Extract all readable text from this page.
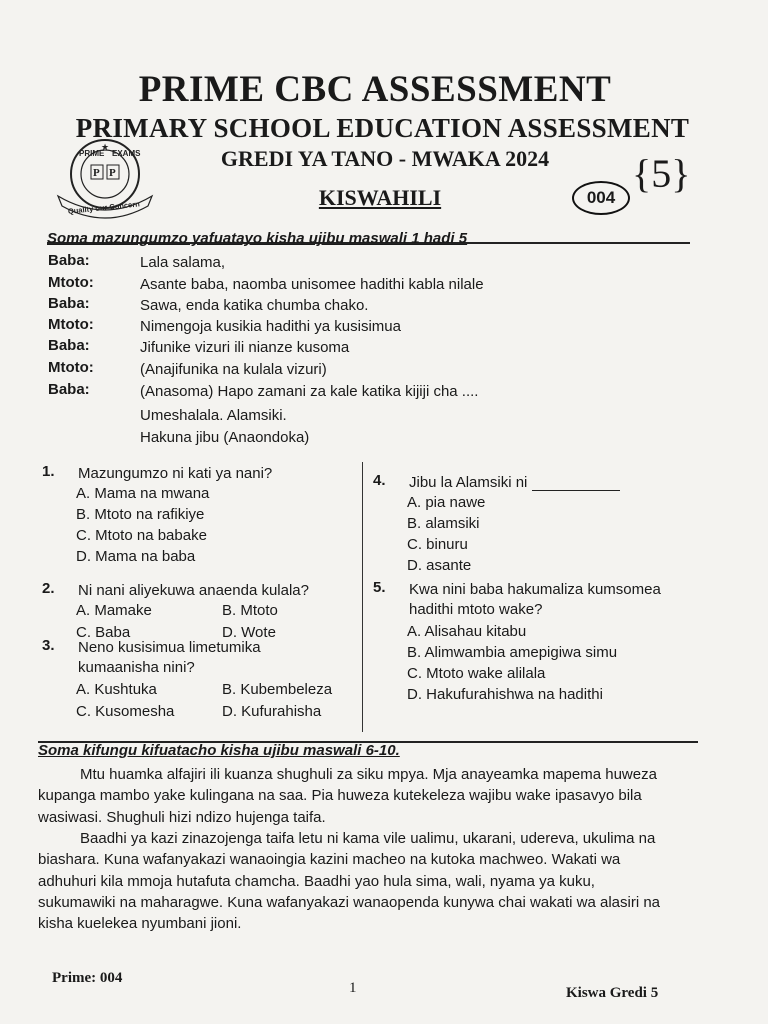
PRIME CBC ASSESSMENT
PRIMARY SCHOOL EDUCATION ASSESSMENT
GREDI YA TANO - MWAKA 2024
KISWAHILI	004
{5}
PRIME EXAMS
★
P P
Quality our Concern
Soma mazungumzo yafuatayo kisha ujibu maswali 1 hadi 5
Baba:	Lala salama,
Mtoto:	Asante baba, naomba unisomee hadithi kabla nilale
Baba:	Sawa, enda katika chumba chako.
Mtoto:	Nimengoja kusikia hadithi ya kusisimua
Baba:	Jifunike vizuri ili nianze kusoma
Mtoto:	(Anajifunika na kulala vizuri)
Baba:	(Anasoma) Hapo zamani za kale katika kijiji cha ....
Umeshalala. Alamsiki.
Hakuna jibu (Anaondoka)
1. Mazungumzo ni kati ya nani?
A. Mama na mwana
B. Mtoto na rafikiye
C. Mtoto na babake
D. Mama na baba
2. Ni nani aliyekuwa anaenda kulala?
A. Mamake	B. Mtoto
C. Baba	D. Wote
3. Neno kusisimua limetumika
kumaanisha nini?
A. Kushtuka	B. Kubembeleza
C. Kusomesha	D. Kufurahisha
4. Jibu la Alamsiki ni
A. pia nawe
B. alamsiki
C. binuru
D. asante
5. Kwa nini baba hakumaliza kumsomea
hadithi mtoto wake?
A. Alisahau kitabu
B. Alimwambia amepigiwa simu
C. Mtoto wake alilala
D. Hakufurahishwa na hadithi
Soma kifungu kifuatacho kisha ujibu maswali 6-10.
Mtu huamka alfajiri ili kuanza shughuli za siku mpya. Mja anayeamka mapema huweza
kupanga mambo yake kulingana na saa. Pia huweza kutekeleza wajibu wake ipasavyo bila
wasiwasi. Shughuli hizi ndizo hujenga taifa.
Baadhi ya kazi zinazojenga taifa letu ni kama vile ualimu, ukarani, udereva, ukulima na
biashara. Kuna wafanyakazi wanaoingia kazini macheo na kutoka machweo. Wakati wa
adhuhuri kila mmoja hutafuta chamcha. Baadhi yao hula sima, wali, nyama ya kuku,
sukumawiki na maharagwe. Kuna wafanyakazi wanaopenda kunywa chai wakati wa alasiri na
kisha kuelekea nyumbani jioni.
Prime: 004
1	Kiswa Gredi 5
